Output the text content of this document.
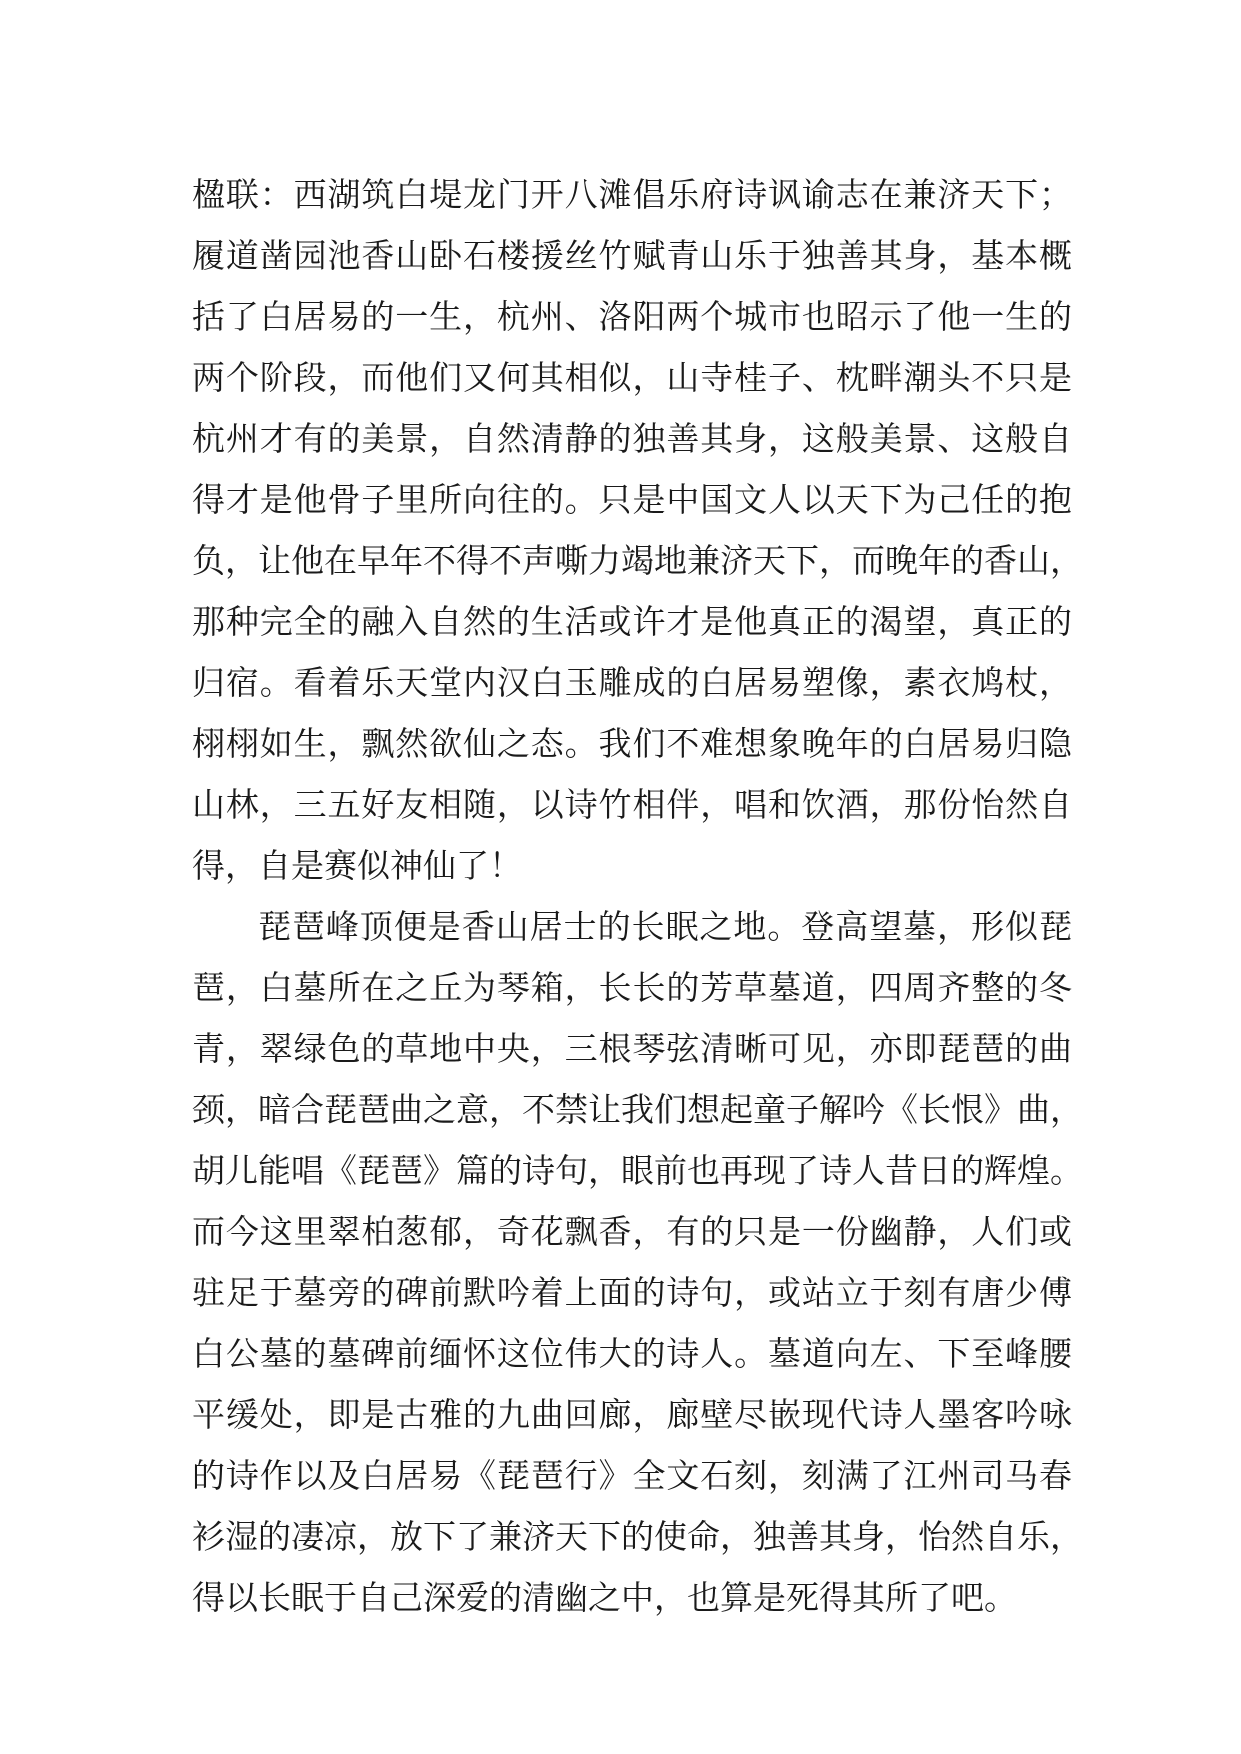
楹联：西湖筑白堤龙门开八滩倡乐府诗讽谕志在兼济天下；
履道凿园池香山卧石楼援丝竹赋青山乐于独善其身，基本概
括了白居易的一生，杭州、洛阳两个城市也昭示了他一生的
两个阶段，而他们又何其相似，山寺桂子、枕畔潮头不只是
杭州才有的美景，自然清静的独善其身，这般美景、这般自
得才是他骨子里所向往的。只是中国文人以天下为己任的抱
负，让他在早年不得不声嘶力竭地兼济天下，而晚年的香山，
那种完全的融入自然的生活或许才是他真正的渴望，真正的
归宿。看着乐天堂内汉白玉雕成的白居易塑像，素衣鸠杖，
栩栩如生，飘然欲仙之态。我们不难想象晚年的白居易归隐
山林，三五好友相随，以诗竹相伴，唱和饮酒，那份怡然自
得，自是赛似神仙了！
琵琶峰顶便是香山居士的长眠之地。登高望墓，形似琵
琶，白墓所在之丘为琴箱，长长的芳草墓道，四周齐整的冬
青，翠绿色的草地中央，三根琴弦清晰可见，亦即琵琶的曲
颈，暗合琵琶曲之意，不禁让我们想起童子解吟《长恨》曲，
胡儿能唱《琵琶》篇的诗句，眼前也再现了诗人昔日的辉煌。
而今这里翠柏葱郁，奇花飘香，有的只是一份幽静，人们或
驻足于墓旁的碑前默吟着上面的诗句，或站立于刻有唐少傅
白公墓的墓碑前缅怀这位伟大的诗人。墓道向左、下至峰腰
平缓处，即是古雅的九曲回廊，廊壁尽嵌现代诗人墨客吟咏
的诗作以及白居易《琵琶行》全文石刻，刻满了江州司马春
衫湿的凄凉，放下了兼济天下的使命，独善其身，怡然自乐，
得以长眠于自己深爱的清幽之中，也算是死得其所了吧。
